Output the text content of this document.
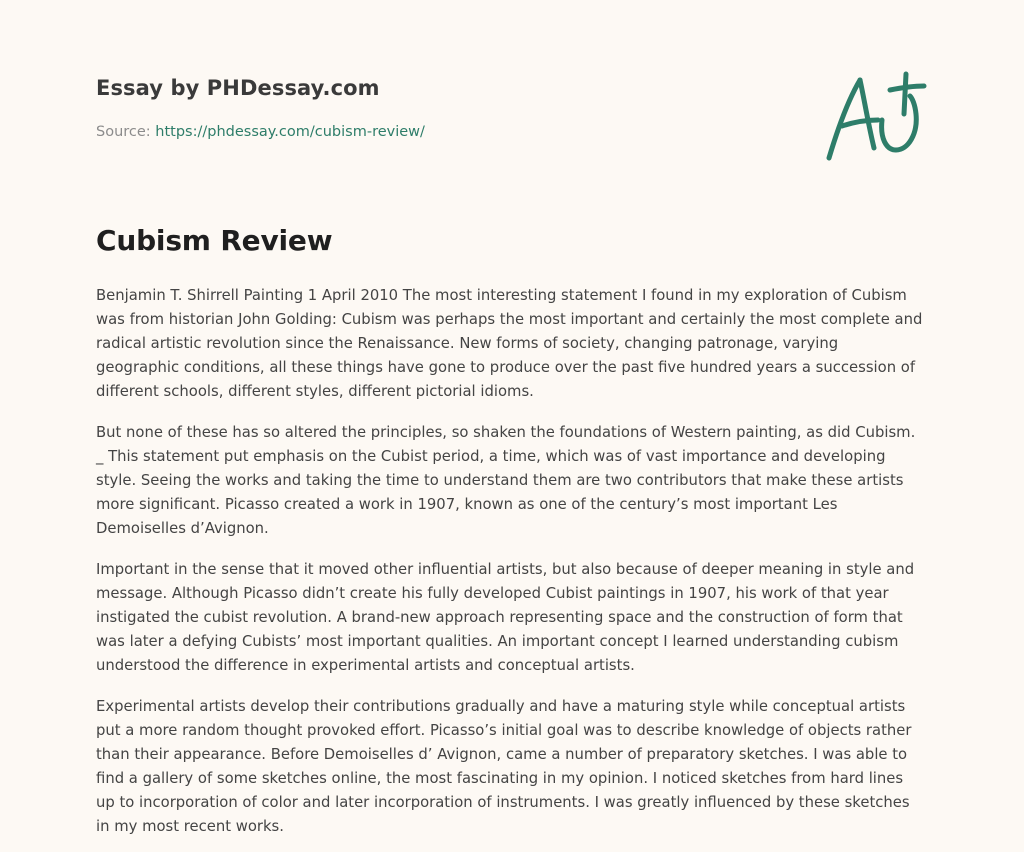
Essay by PHDessay.com
Source: https://phdessay.com/cubism-review/
Cubism Review

Benjamin T. Shirrell Painting 1 April 2010 The most interesting statement I found in my exploration of Cubism was from historian John Golding: Cubism was perhaps the most important and certainly the most complete and radical artistic revolution since the Renaissance. New forms of society, changing patronage, varying geographic conditions, all these things have gone to produce over the past five hundred years a succession of different schools, different styles, different pictorial idioms.

But none of these has so altered the principles, so shaken the foundations of Western painting, as did Cubism. _ This statement put emphasis on the Cubist period, a time, which was of vast importance and developing style. Seeing the works and taking the time to understand them are two contributors that make these artists more significant. Picasso created a work in 1907, known as one of the century’s most important Les Demoiselles d’Avignon.

Important in the sense that it moved other influential artists, but also because of deeper meaning in style and message. Although Picasso didn’t create his fully developed Cubist paintings in 1907, his work of that year instigated the cubist revolution. A brand-new approach representing space and the construction of form that was later a defying Cubists’ most important qualities. An important concept I learned understanding cubism understood the difference in experimental artists and conceptual artists.

Experimental artists develop their contributions gradually and have a maturing style while conceptual artists put a more random thought provoked effort. Picasso’s initial goal was to describe knowledge of objects rather than their appearance. Before Demoiselles d’ Avignon, came a number of preparatory sketches. I was able to find a gallery of some sketches online, the most fascinating in my opinion. I noticed sketches from hard lines up to incorporation of color and later incorporation of instruments. I was greatly influenced by these sketches in my most recent works.
